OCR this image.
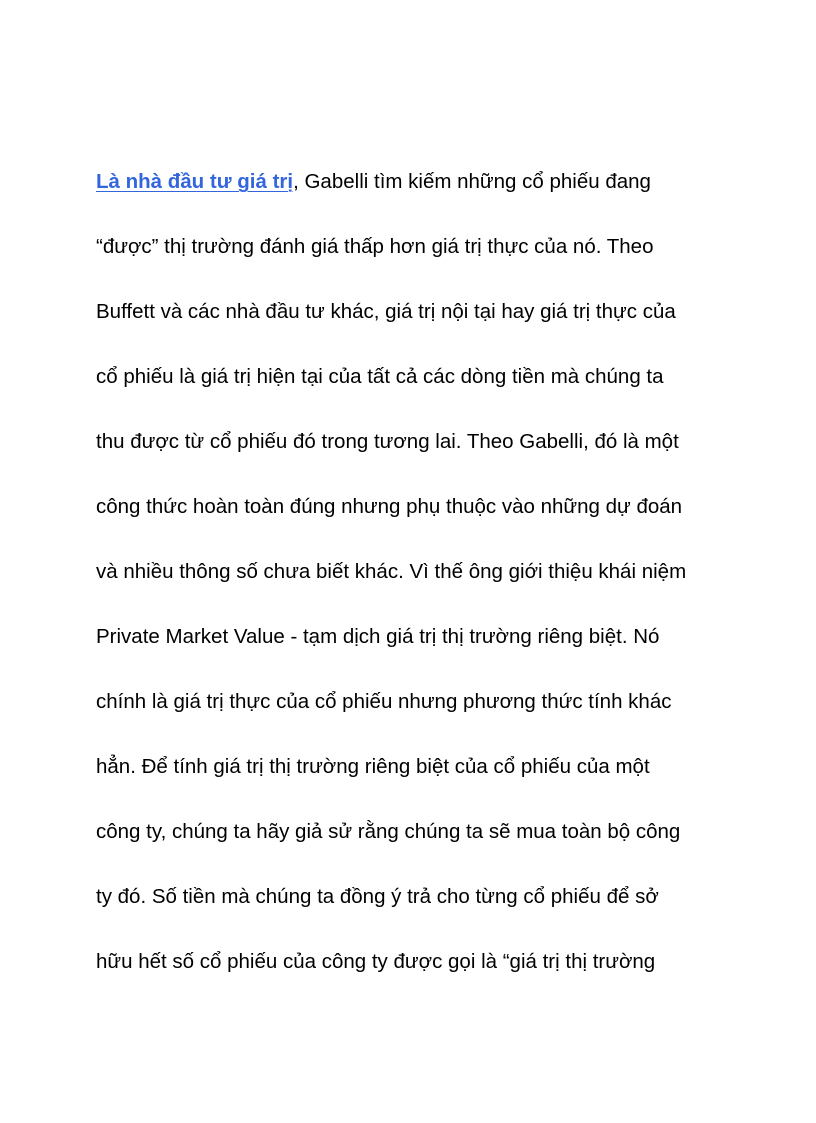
Là nhà đầu tư giá trị, Gabelli tìm kiếm những cổ phiếu đang
“được” thị trường đánh giá thấp hơn giá trị thực của nó. Theo
Buffett và các nhà đầu tư khác, giá trị nội tại hay giá trị thực của
cổ phiếu là giá trị hiện tại của tất cả các dòng tiền mà chúng ta
thu được từ cổ phiếu đó trong tương lai. Theo Gabelli, đó là một
công thức hoàn toàn đúng nhưng phụ thuộc vào những dự đoán
và nhiều thông số chưa biết khác. Vì thế ông giới thiệu khái niệm
Private Market Value - tạm dịch giá trị thị trường riêng biệt. Nó
chính là giá trị thực của cổ phiếu nhưng phương thức tính khác
hẳn. Để tính giá trị thị trường riêng biệt của cổ phiếu của một
công ty, chúng ta hãy giả sử rằng chúng ta sẽ mua toàn bộ công
ty đó. Số tiền mà chúng ta đồng ý trả cho từng cổ phiếu để sở
hữu hết số cổ phiếu của công ty được gọi là “giá trị thị trường
